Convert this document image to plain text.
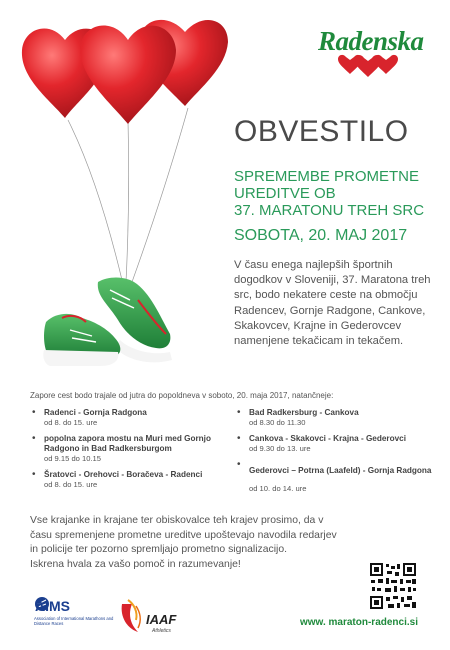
Radenska
OBVESTILO
SPREMEMBE PROMETNE
UREDITVE OB
37. MARATONU TREH SRC
SOBOTA, 20. MAJ 2017
V času enega najlepših športnih dogodkov v Sloveniji, 37. Maratona treh src, bodo nekatere ceste na območju Radencev, Gornje Radgone, Cankove, Skakovcev, Krajne in Gederovcev namenjene tekačicam in tekačem.
Zapore cest bodo trajale od jutra do popoldneva v soboto, 20. maja 2017, natančneje:
• Radenci - Gornja Radgona
od 8. do 15. ure
• popolna zapora mostu na Muri med Gornjo Radgono in Bad Radkersburgom
od 9.15 do 10.15
• Šratovci - Orehovci - Boračeva - Radenci
od 8. do 15. ure
• Bad Radkersburg - Cankova
od 8.30 do 11.30
• Cankova - Skakovci - Krajna - Gederovci
od 9.30 do 13. ure
• Gederovci – Potrna (Laafeld) - Gornja Radgona od 10. do 14. ure

Vse krajanke in krajane ter obiskovalce teh krajev prosimo, da v času spremenjene prometne ureditve upoštevajo navodila redarjev in policije ter pozorno spremljajo prometno signalizacijo.

Iskrena hvala za vašo pomoč in razumevanje!

AIMS
Association of International Marathons and Distance Races	IAAF
Athletics
www. maraton-radenci.si
